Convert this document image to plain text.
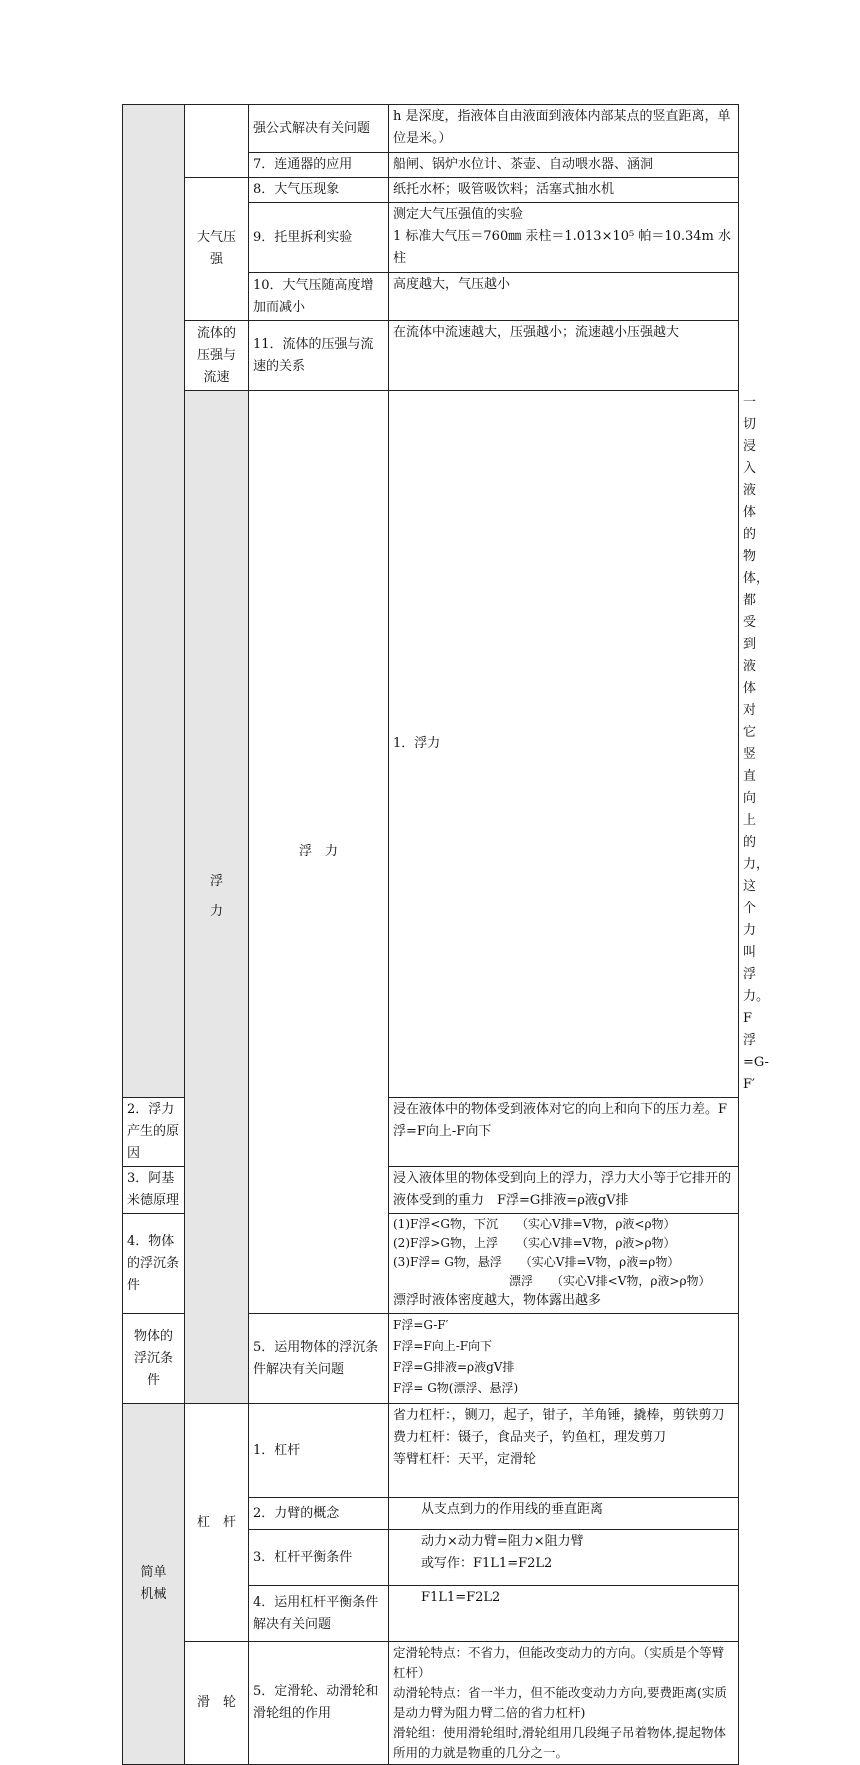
		强公式解决有关问题	h 是深度，指液体自由液面到液体内部某点的竖直距离，单位是米。）	
		7．连通器的应用	船闸、锅炉水位计、茶壶、自动喂水器、涵洞	
	大气压强	8．大气压现象	纸托水杯；吸管吸饮料；活塞式抽水机	
		9．托里拆利实验	测定大气压强值的实验
1 标准大气压＝760㎜ 汞柱＝1.013×10⁵ 帕＝10.34m 水柱	

		10．大气压随高度增加而减小	高度越大，气压越小	
	流体的压强与流速	11．流体的压强与流速的关系	在流体中流速越大，压强越小；流速越小压强越大	
	浮力	浮　力	1．浮力	一切浸入液体的物体，都受到液体对它竖直向上的力，这个力叫浮力。F浮=G-F′
2．浮力产生的原因			浸在液体中的物体受到液体对它的向上和向下的压力差。F浮=F向上-F向下	
3．阿基米德原理			浸入液体里的物体受到向上的浮力，浮力大小等于它排开的液体受到的重力　F浮=G排液=ρ液gV排	
4．物体的浮沉条件			(1)F浮<G物，下沉　　（实心V排=V物，ρ液<ρ物）
(2)F浮>G物，上浮　　（实心V排=V物，ρ液>ρ物）
(3)F浮= G物，悬浮　　（实心V排=V物，ρ液=ρ物）
漂浮　　（实心V排<V物，ρ液>ρ物）
漂浮时液体密度越大，物体露出越多	

物体的浮沉条件		5．运用物体的浮沉条件解决有关问题	F浮=G-F′
F浮=F向上-F向下
F浮=G排液=ρ液gV排
F浮= G物(漂浮、悬浮)	

简单机械	杠　杆	1．杠杆	省力杠杆：，铡刀，起子，钳子，羊角锤，撬棒，剪铁剪刀
费力杠杆：镊子，食品夹子，钓鱼杠，理发剪刀
等臂杠杆：天平，定滑轮	

		2．力臂的概念	从支点到力的作用线的垂直距离	

		3．杠杆平衡条件	动力×动力臂=阻力×阻力臂
或写作：F1L1=F2L2	

		4．运用杠杆平衡条件解决有关问题	F1L1=F2L2	

	滑　轮	5．定滑轮、动滑轮和滑轮组的作用	定滑轮特点：不省力，但能改变动力的方向。（实质是个等臂杠杆）
动滑轮特点：省一半力，但不能改变动力方向,要费距离(实质是动力臂为阻力臂二倍的省力杠杆)
滑轮组：使用滑轮组时,滑轮组用几段绳子吊着物体,提起物体所用的力就是物重的几分之一。	
